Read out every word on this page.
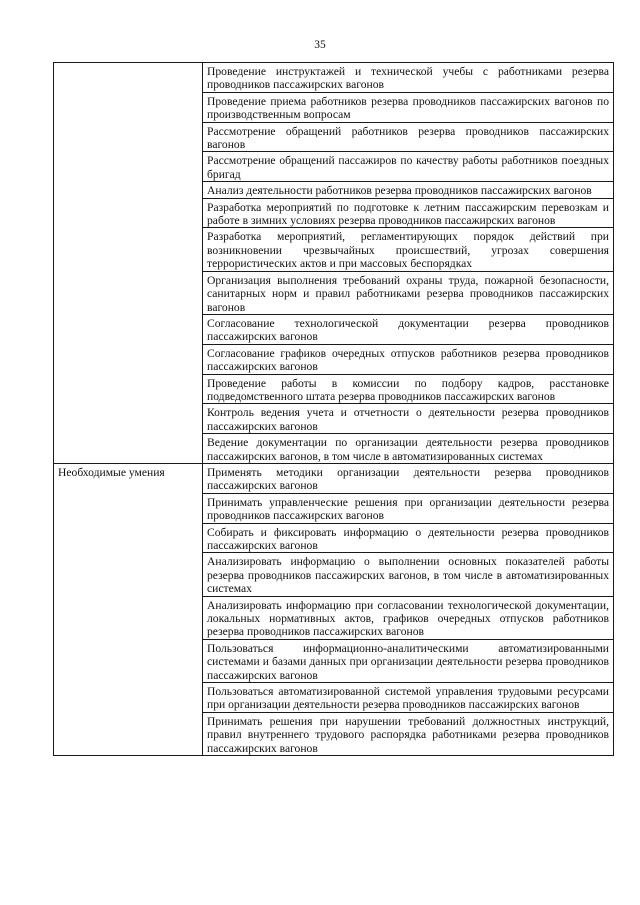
35
	Проведение инструктажей и технической учебы с работниками резерва проводников пассажирских вагонов
	Проведение приема работников резерва проводников пассажирских вагонов по производственным вопросам
	Рассмотрение обращений работников резерва проводников пассажирских вагонов
	Рассмотрение обращений пассажиров по качеству работы работников поездных бригад
	Анализ деятельности работников резерва проводников пассажирских вагонов
	Разработка мероприятий по подготовке к летним пассажирским перевозкам и работе в зимних условиях резерва проводников пассажирских вагонов
	Разработка мероприятий, регламентирующих порядок действий при возникновении чрезвычайных происшествий, угрозах совершения террористических актов и при массовых беспорядках
	Организация выполнения требований охраны труда, пожарной безопасности, санитарных норм и правил работниками резерва проводников пассажирских вагонов
	Согласование технологической документации резерва проводников пассажирских вагонов
	Согласование графиков очередных отпусков работников резерва проводников пассажирских вагонов
	Проведение работы в комиссии по подбору кадров, расстановке подведомственного штата резерва проводников пассажирских вагонов
	Контроль ведения учета и отчетности о деятельности резерва проводников пассажирских вагонов
	Ведение документации по организации деятельности резерва проводников пассажирских вагонов, в том числе в автоматизированных системах
Необходимые умения	Применять методики организации деятельности резерва проводников пассажирских вагонов
	Принимать управленческие решения при организации деятельности резерва проводников пассажирских вагонов
	Собирать и фиксировать информацию о деятельности резерва проводников пассажирских вагонов
	Анализировать информацию о выполнении основных показателей работы резерва проводников пассажирских вагонов, в том числе в автоматизированных системах
	Анализировать информацию при согласовании технологической документации, локальных нормативных актов, графиков очередных отпусков работников резерва проводников пассажирских вагонов
	Пользоваться информационно-аналитическими автоматизированными системами и базами данных при организации деятельности резерва проводников пассажирских вагонов
	Пользоваться автоматизированной системой управления трудовыми ресурсами при организации деятельности резерва проводников пассажирских вагонов
	Принимать решения при нарушении требований должностных инструкций, правил внутреннего трудового распорядка работниками резерва проводников пассажирских вагонов
